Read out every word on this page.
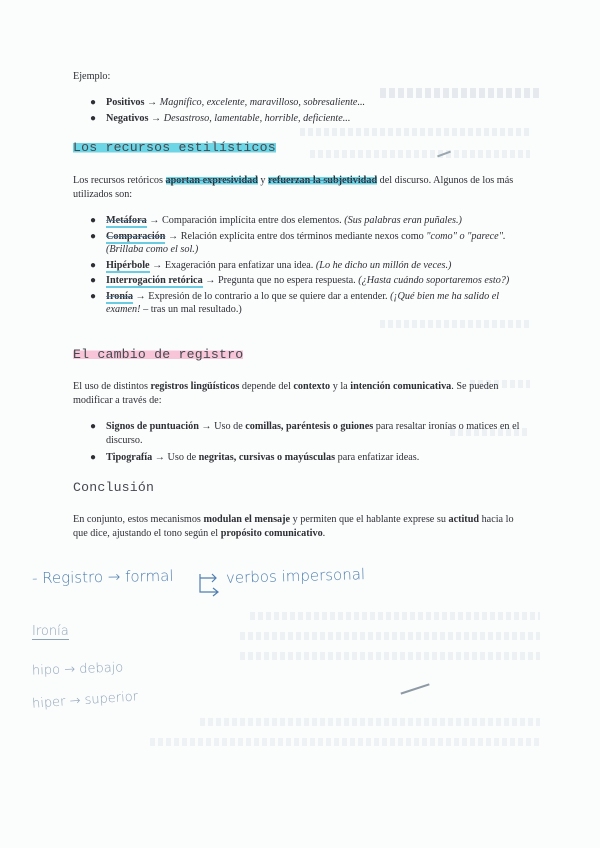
Ejemplo:
● Positivos → Magnífico, excelente, maravilloso, sobresaliente...
● Negativos → Desastroso, lamentable, horrible, deficiente...
Los recursos estilísticos
Los recursos retóricos aportan expresividad y refuerzan la subjetividad del discurso. Algunos de los más utilizados son:
● Metáfora → Comparación implícita entre dos elementos. (Sus palabras eran puñales.)
● Comparación → Relación explícita entre dos términos mediante nexos como "como" o "parece". (Brillaba como el sol.)
● Hipérbole → Exageración para enfatizar una idea. (Lo he dicho un millón de veces.)
● Interrogación retórica → Pregunta que no espera respuesta. (¿Hasta cuándo soportaremos esto?)
● Ironía → Expresión de lo contrario a lo que se quiere dar a entender. (¡Qué bien me ha salido el examen! – tras un mal resultado.)
El cambio de registro
El uso de distintos registros lingüísticos depende del contexto y la intención comunicativa. Se pueden modificar a través de:
● Signos de puntuación → Uso de comillas, paréntesis o guiones para resaltar ironías o matices en el discurso.
● Tipografía → Uso de negritas, cursivas o mayúsculas para enfatizar ideas.
Conclusión
En conjunto, estos mecanismos modulan el mensaje y permiten que el hablante exprese su actitud hacia lo que dice, ajustando el tono según el propósito comunicativo.
- Registro → formal	verbos impersonal
Ironía
hipo → debajo
hiper → superior
